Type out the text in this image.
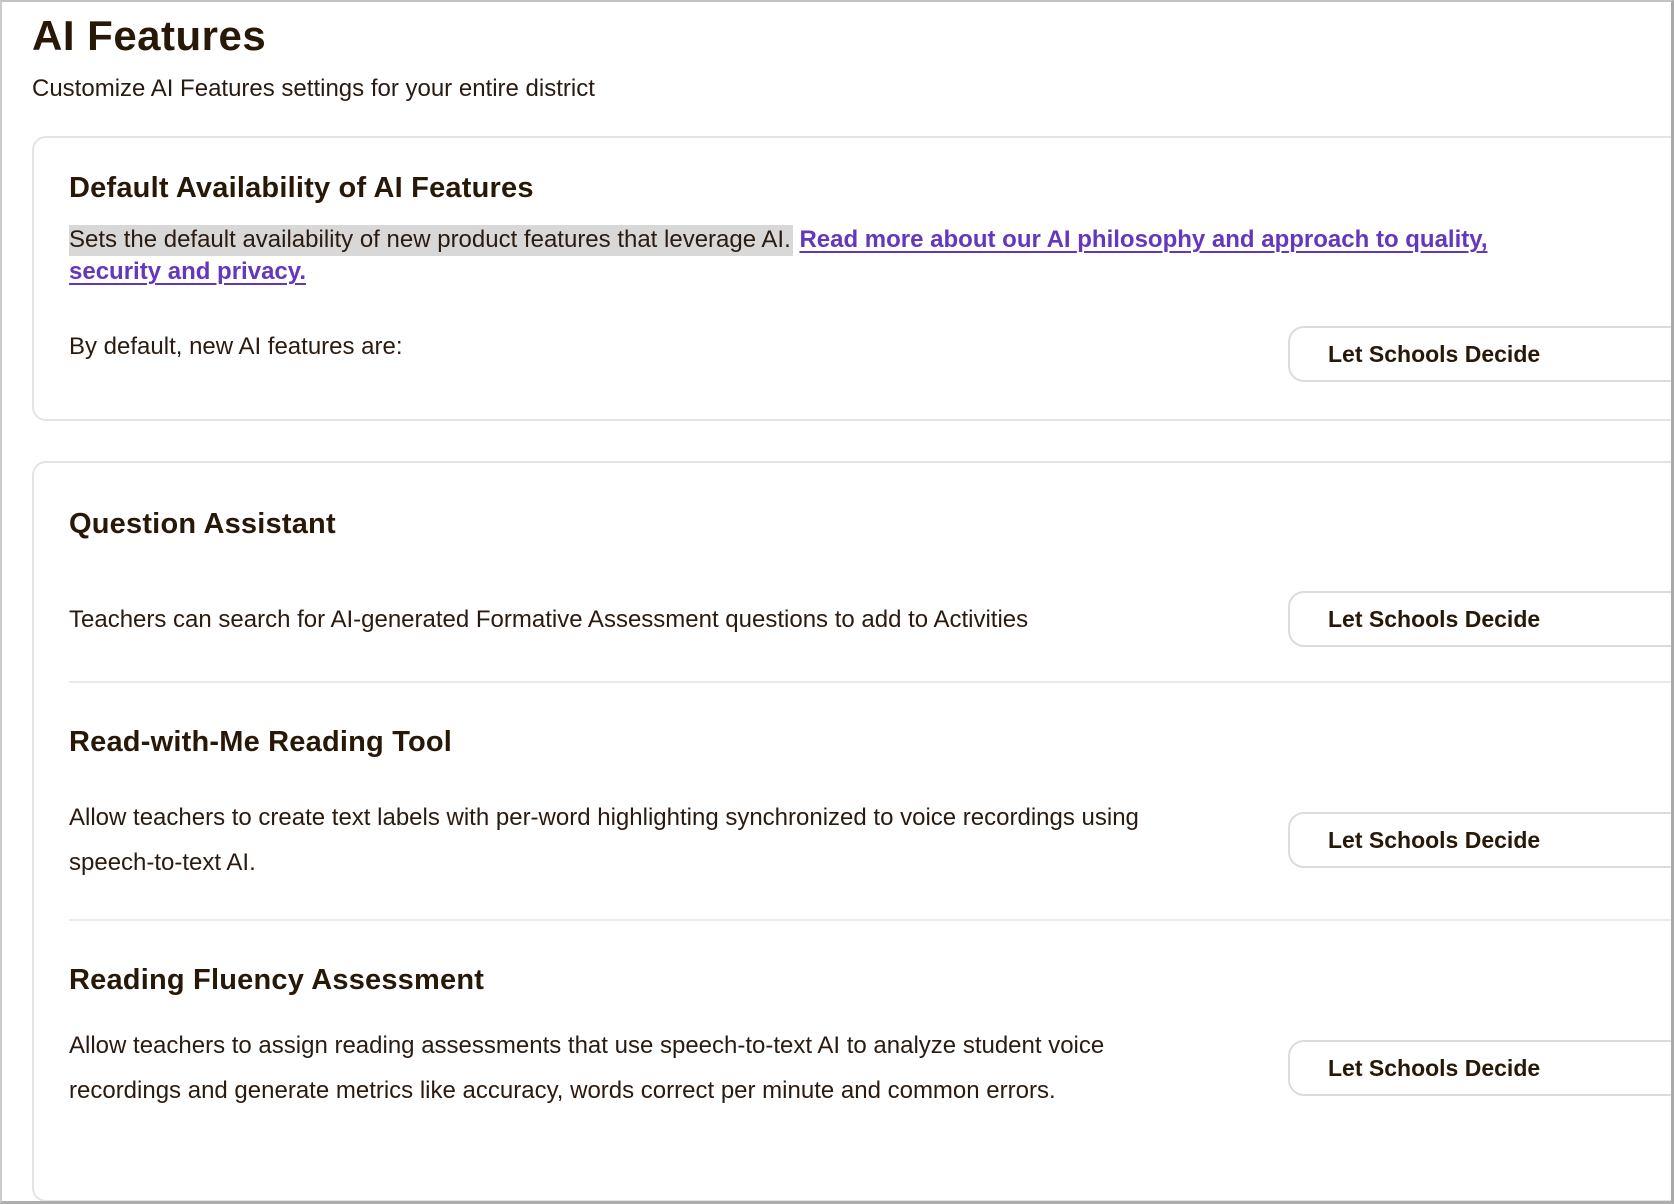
AI Features
Customize AI Features settings for your entire district
Default Availability of AI Features

Sets the default availability of new product features that leverage AI. Read more about our AI philosophy and approach to quality,
security and privacy.

By default, new AI features are:	Let Schools Decide
Question Assistant
Teachers can search for AI-generated Formative Assessment questions to add to Activities	Let Schools Decide
Read-with-Me Reading Tool
Allow teachers to create text labels with per-word highlighting synchronized to voice recordings using speech-to-text AI.
Let Schools Decide
Reading Fluency Assessment
Allow teachers to assign reading assessments that use speech-to-text AI to analyze student voice recordings and generate metrics like accuracy, words correct per minute and common errors.
Let Schools Decide
